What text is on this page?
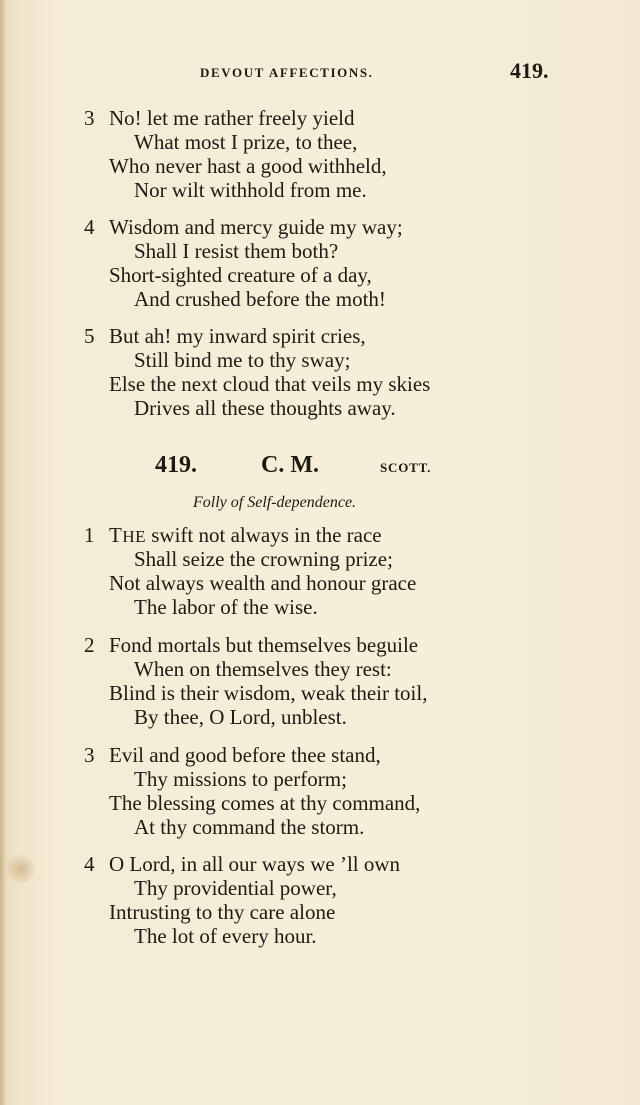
DEVOUT AFFECTIONS.	419.
3 No! let me rather freely yield
What most I prize, to thee,
Who never hast a good withheld,
Nor wilt withhold from me.
4 Wisdom and mercy guide my way;
Shall I resist them both?
Short-sighted creature of a day,
And crushed before the moth!
5 But ah! my inward spirit cries,
Still bind me to thy sway;
Else the next cloud that veils my skies
Drives all these thoughts away.
419.	C. M.	SCOTT.
Folly of Self-dependence.
1 THE swift not always in the race
Shall seize the crowning prize;
Not always wealth and honour grace
The labor of the wise.
2 Fond mortals but themselves beguile
When on themselves they rest:
Blind is their wisdom, weak their toil,
By thee, O Lord, unblest.
3 Evil and good before thee stand,
Thy missions to perform;
The blessing comes at thy command,
At thy command the storm.
4 O Lord, in all our ways we ’ll own
Thy providential power,
Intrusting to thy care alone
The lot of every hour.
